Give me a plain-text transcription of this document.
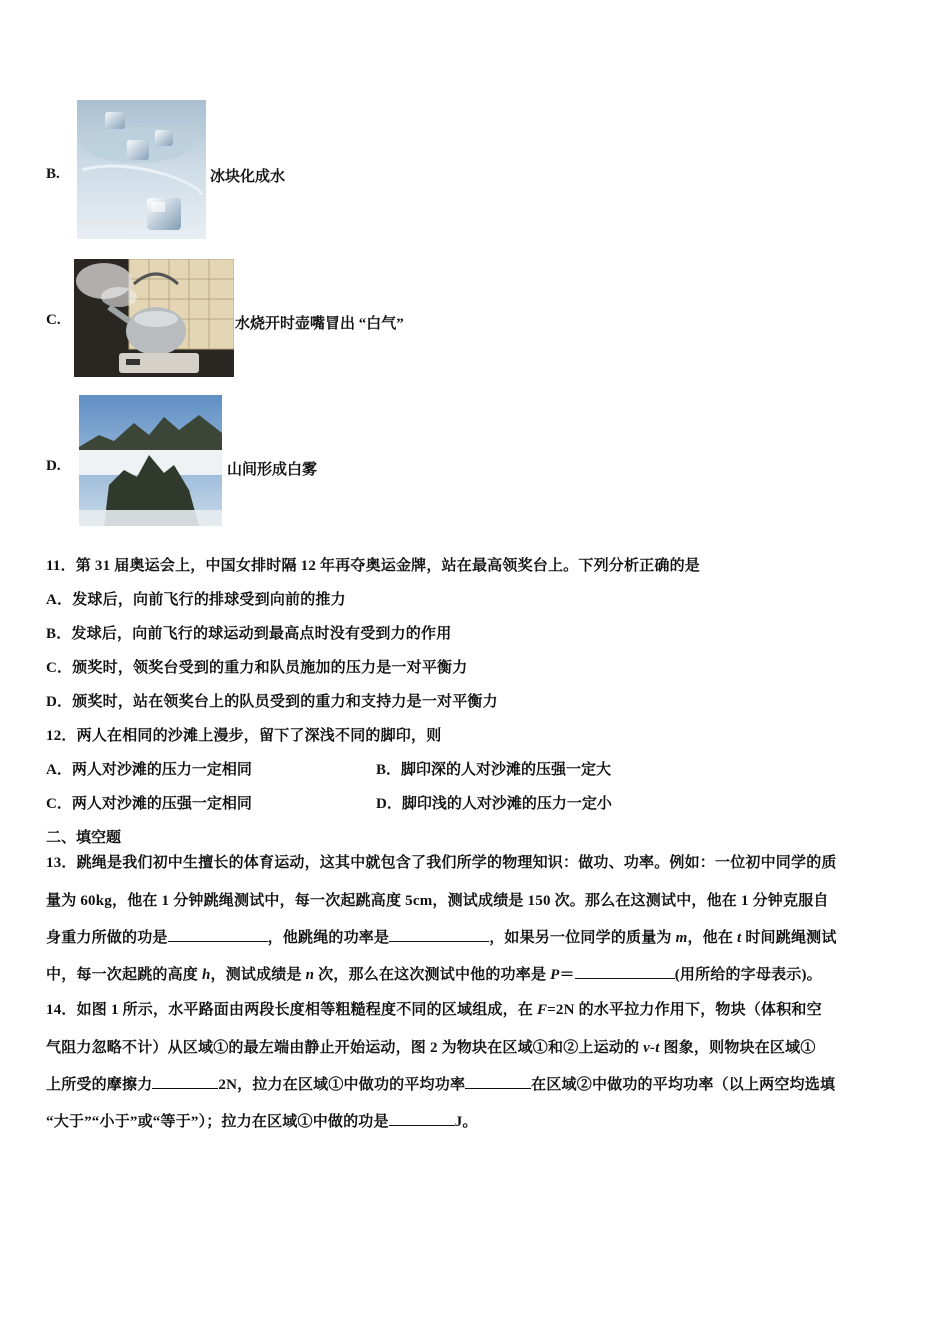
B.	冰块化成水
C.	水烧开时壶嘴冒出 “白气”
D.	山间形成白雾
11．第 31 届奥运会上，中国女排时隔 12 年再夺奥运金牌，站在最高领奖台上。下列分析正确的是
A．发球后，向前飞行的排球受到向前的推力
B．发球后，向前飞行的球运动到最高点时没有受到力的作用
C．颁奖时，领奖台受到的重力和队员施加的压力是一对平衡力
D．颁奖时，站在领奖台上的队员受到的重力和支持力是一对平衡力
12．两人在相同的沙滩上漫步，留下了深浅不同的脚印，则
A．两人对沙滩的压力一定相同	B．脚印深的人对沙滩的压强一定大
C．两人对沙滩的压强一定相同	D．脚印浅的人对沙滩的压力一定小
二、填空题
13．跳绳是我们初中生擅长的体育运动，这其中就包含了我们所学的物理知识：做功、功率。例如：一位初中同学的质
量为 60kg，他在 1 分钟跳绳测试中，每一次起跳高度 5cm，测试成绩是 150 次。那么在这测试中，他在 1 分钟克服自
身重力所做的功是	，他跳绳的功率是	，如果另一位同学的质量为 m，他在 t 时间跳绳测试
中，每一次起跳的高度 h，测试成绩是 n 次，那么在这次测试中他的功率是 P＝	(用所给的字母表示)。
14．如图 1 所示，水平路面由两段长度相等粗糙程度不同的区域组成，在 F=2N 的水平拉力作用下，物块（体积和空
气阻力忽略不计）从区域①的最左端由静止开始运动，图 2 为物块在区域①和②上运动的 v-t 图象，则物块在区域①
上所受的摩擦力	2N，拉力在区域①中做功的平均功率	在区域②中做功的平均功率（以上两空均选填
“大于”“小于”或“等于”）；拉力在区域①中做的功是	J。
